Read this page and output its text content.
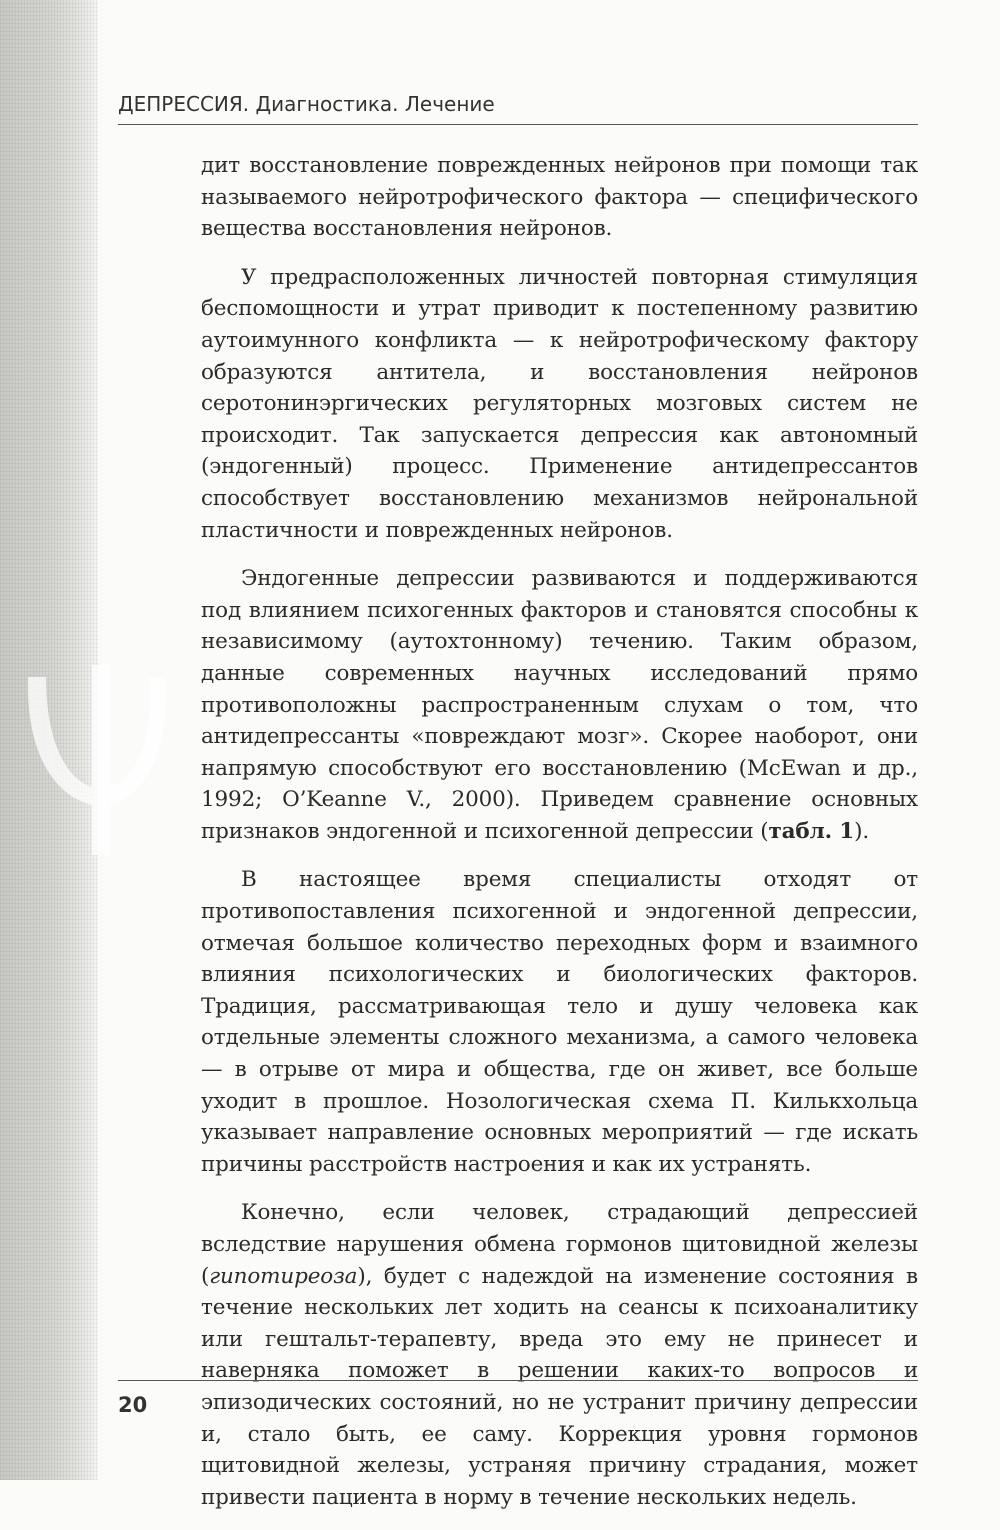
ДЕПРЕССИЯ. Диагностика. Лечение

дит восстановление поврежденных нейронов при помощи так называемого нейротрофического фактора — специфического вещества восстановления нейронов.

У предрасположенных личностей повторная стимуляция беспомощности и утрат приводит к постепенному развитию аутоимунного конфликта — к нейротрофическому фактору образуются антитела, и восстановления нейронов серотонинэргических регуляторных мозговых систем не происходит. Так запускается депрессия как автономный (эндогенный) процесс. Применение антидепрессантов способствует восстановлению механизмов нейрональной пластичности и поврежденных нейронов.

Эндогенные депрессии развиваются и поддерживаются под влиянием психогенных факторов и становятся способны к независимому (аутохтонному) течению. Таким образом, данные современных научных исследований прямо противоположны распространенным слухам о том, что антидепрессанты «повреждают мозг». Скорее наоборот, они напрямую способствуют его восстановлению (McEwan и др., 1992; O’Keanne V., 2000). Приведем сравнение основных признаков эндогенной и психогенной депрессии (табл. 1).

В настоящее время специалисты отходят от противопоставления психогенной и эндогенной депрессии, отмечая большое количество переходных форм и взаимного влияния психологических и биологических факторов. Традиция, рассматривающая тело и душу человека как отдельные элементы сложного механизма, а самого человека — в отрыве от мира и общества, где он живет, все больше уходит в прошлое. Нозологическая схема П. Килькхольца указывает направление основных мероприятий — где искать причины расстройств настроения и как их устранять.

Конечно, если человек, страдающий депрессией вследствие нарушения обмена гормонов щитовидной железы (гипотиреоза), будет с надеждой на изменение состояния в течение нескольких лет ходить на сеансы к психоаналитику или гештальт-терапевту, вреда это ему не принесет и наверняка поможет в решении каких-то вопросов и эпизодических состояний, но не устранит причину депрессии и, стало быть, ее саму. Коррекция уровня гормонов щитовидной железы, устраняя причину страдания, может привести пациента в норму в течение нескольких недель.

20
